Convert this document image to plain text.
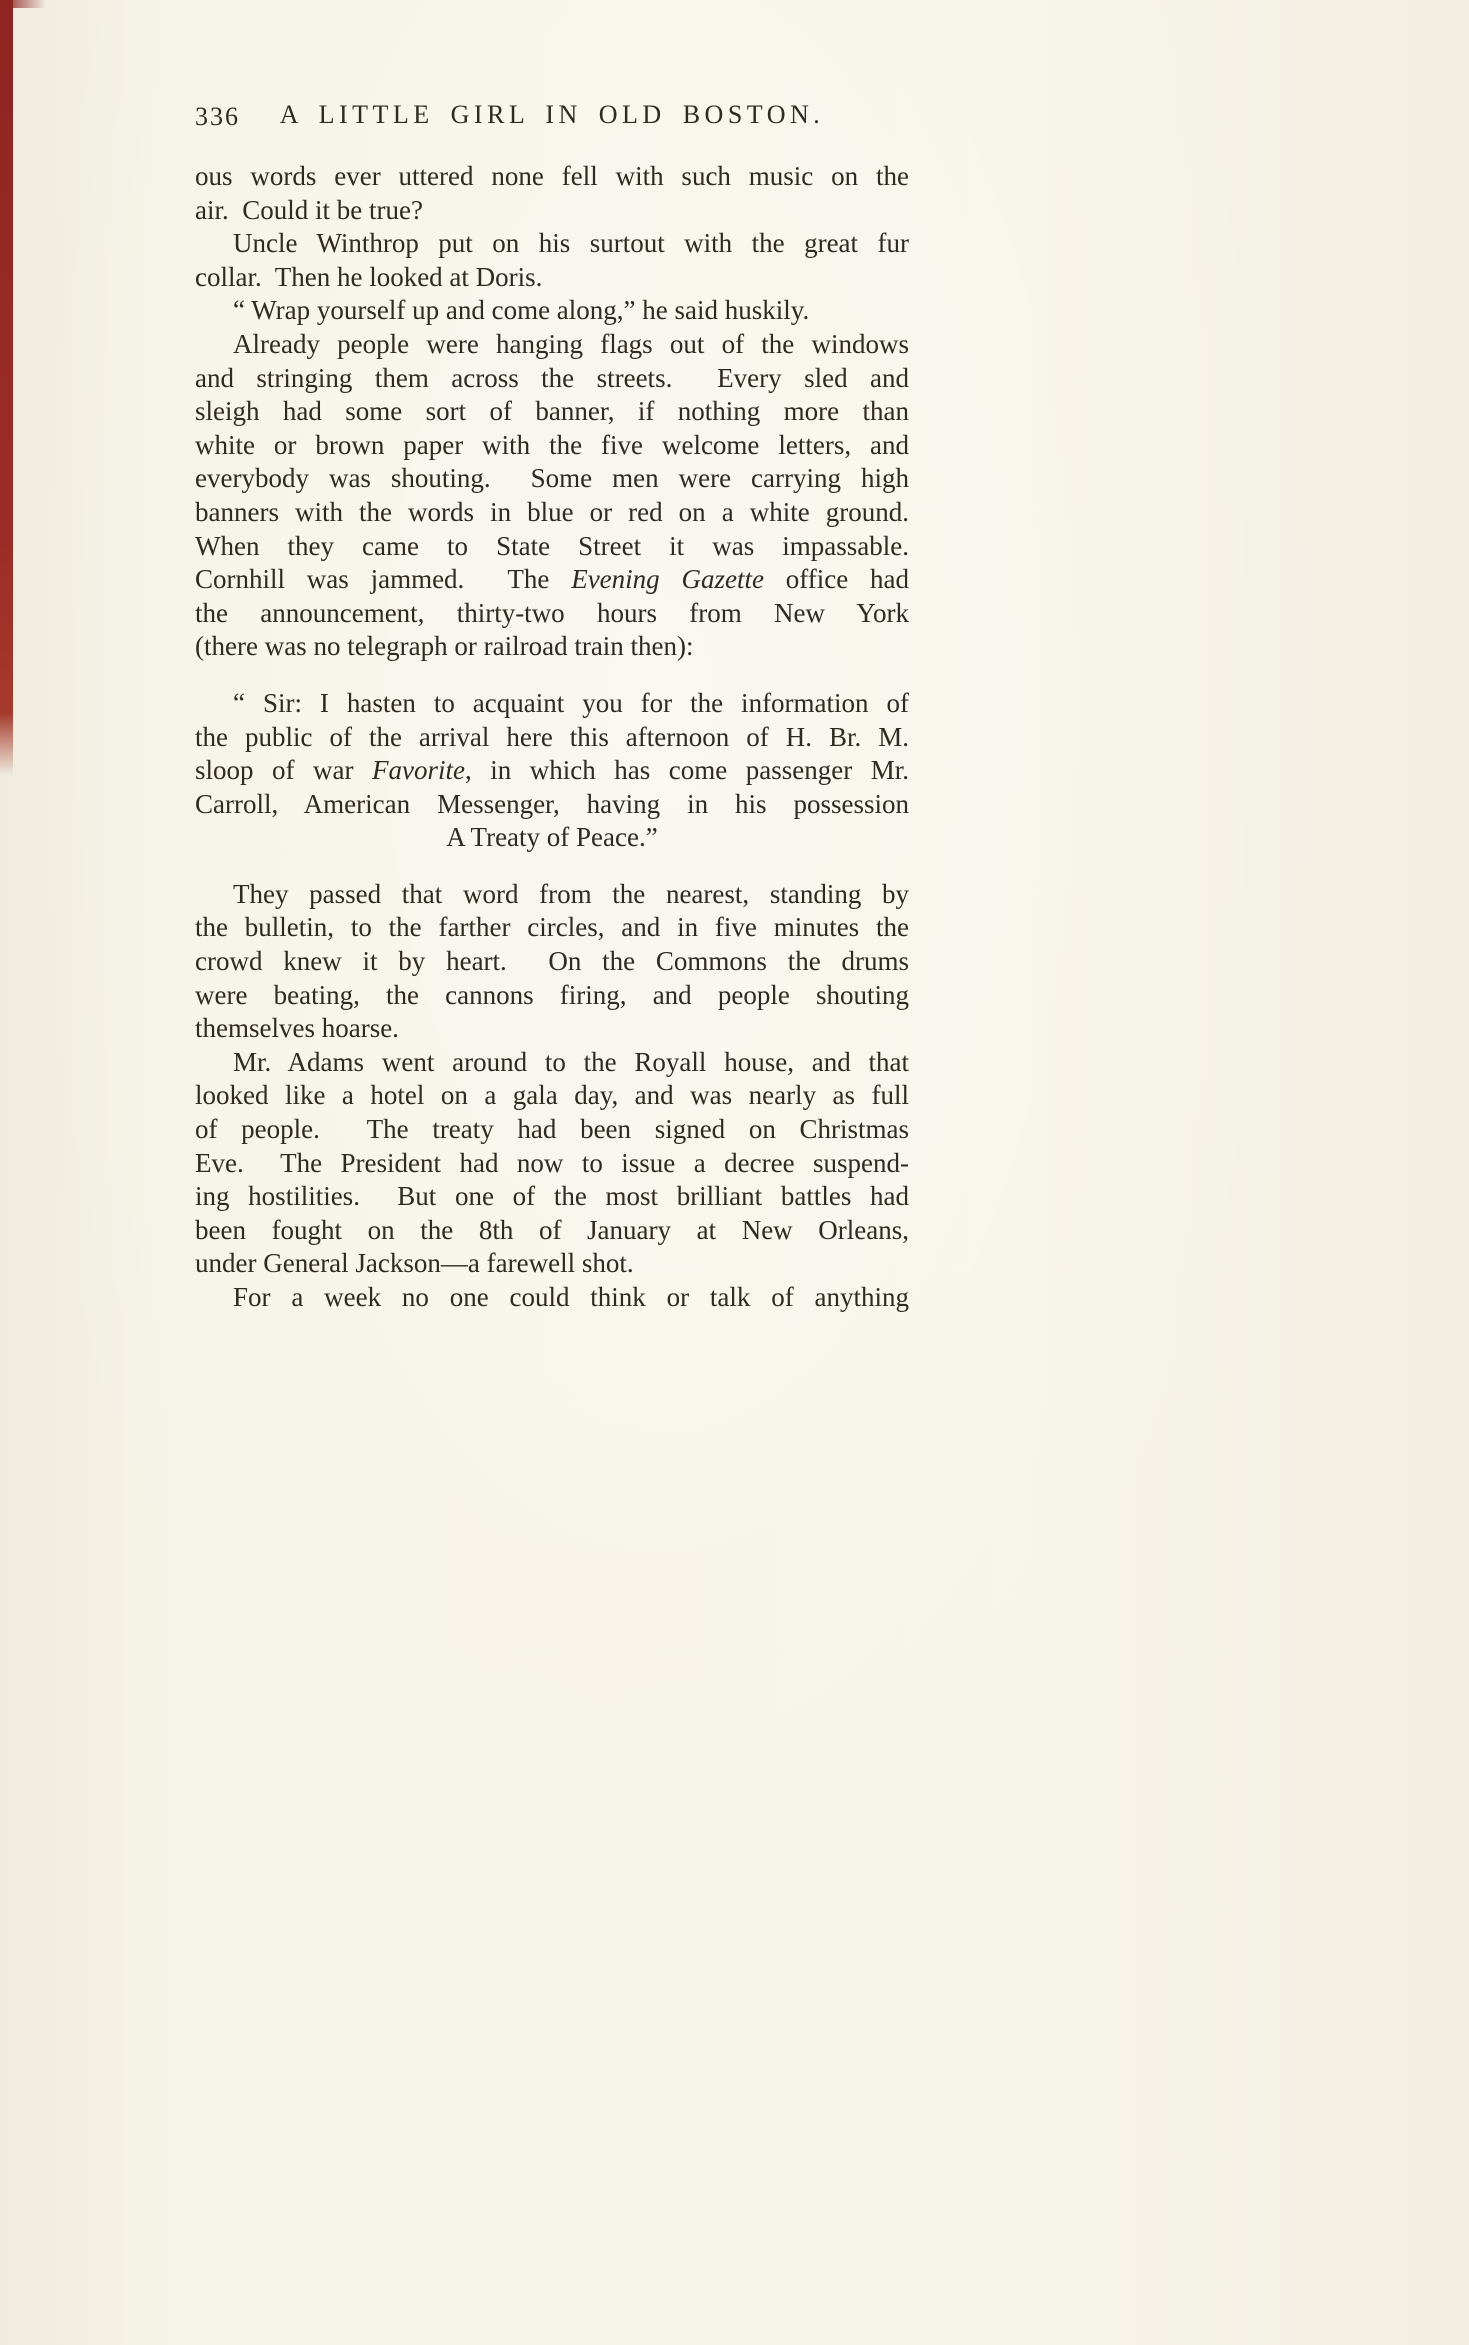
336	A LITTLE GIRL IN OLD BOSTON.
ous words ever uttered none fell with such music on the
air.  Could it be true?
Uncle Winthrop put on his surtout with the great fur
collar.  Then he looked at Doris.
“ Wrap yourself up and come along,” he said huskily.
Already people were hanging flags out of the windows
and stringing them across the streets.  Every sled and
sleigh had some sort of banner, if nothing more than
white or brown paper with the five welcome letters, and
everybody was shouting.  Some men were carrying high
banners with the words in blue or red on a white ground.
When they came to State Street it was impassable.
Cornhill was jammed.  The Evening Gazette office had
the announcement, thirty-two hours from New York
(there was no telegraph or railroad train then):
“ Sir: I hasten to acquaint you for the information of
the public of the arrival here this afternoon of H. Br. M.
sloop of war Favorite, in which has come passenger Mr.
Carroll, American Messenger, having in his possession
A Treaty of Peace.”
They passed that word from the nearest, standing by
the bulletin, to the farther circles, and in five minutes the
crowd knew it by heart.  On the Commons the drums
were beating, the cannons firing, and people shouting
themselves hoarse.
Mr. Adams went around to the Royall house, and that
looked like a hotel on a gala day, and was nearly as full
of people.  The treaty had been signed on Christmas
Eve.  The President had now to issue a decree suspend-
ing hostilities.  But one of the most brilliant battles had
been fought on the 8th of January at New Orleans,
under General Jackson—a farewell shot.
For a week no one could think or talk of anything
